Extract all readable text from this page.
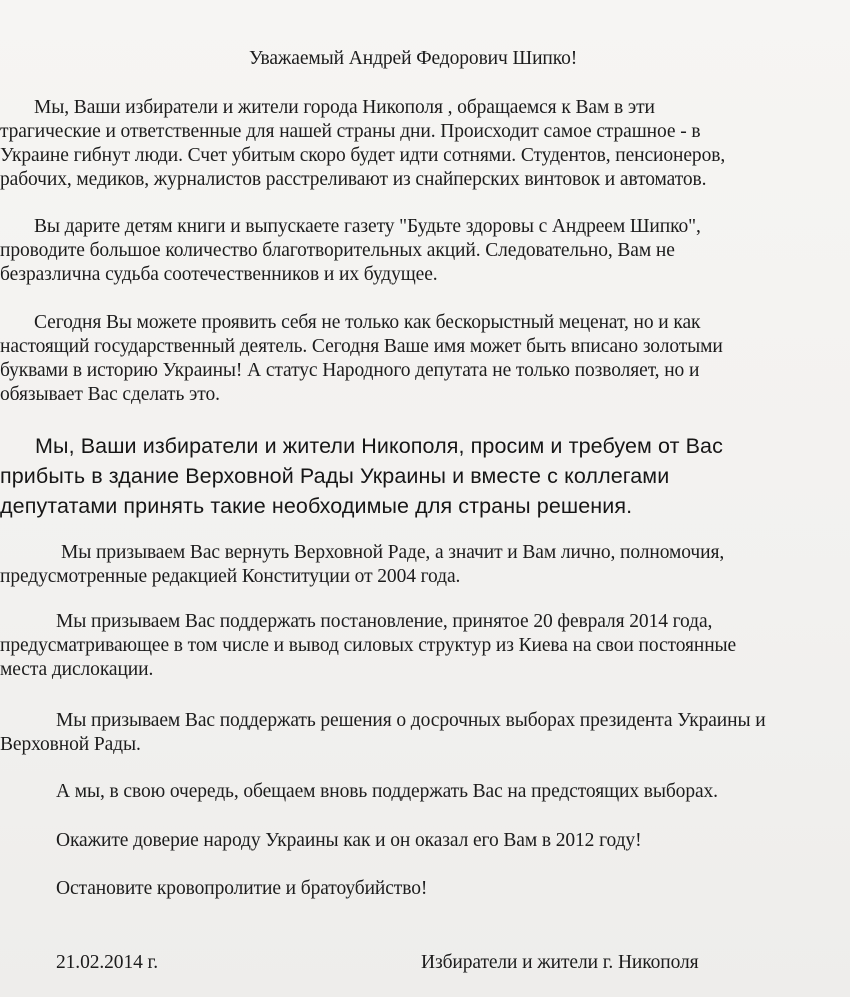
Уважаемый Андрей Федорович Шипко!
Мы, Ваши избиратели и жители города Никополя , обращаемся к Вам в эти
трагические и ответственные для нашей страны дни. Происходит самое страшное - в
Украине гибнут люди. Счет убитым скоро будет идти сотнями. Студентов, пенсионеров,
рабочих, медиков, журналистов расстреливают из снайперских винтовок и автоматов.
Вы дарите детям книги и выпускаете газету "Будьте здоровы с Андреем Шипко",
проводите большое количество благотворительных акций. Следовательно, Вам не
безразлична судьба соотечественников и их будущее.
Сегодня Вы можете проявить себя не только как бескорыстный меценат, но и как
настоящий государственный деятель. Сегодня Ваше имя может быть вписано золотыми
буквами в историю Украины! А статус Народного депутата не только позволяет, но и
обязывает Вас сделать это.
Мы, Ваши избиратели и жители Никополя, просим и требуем от Вас
прибыть в здание Верховной Рады Украины и вместе с коллегами
депутатами принять такие необходимые для страны решения.
Мы призываем Вас вернуть Верховной Раде, а значит и Вам лично, полномочия,
предусмотренные редакцией Конституции от 2004 года.
Мы призываем Вас поддержать постановление, принятое 20 февраля 2014 года,
предусматривающее в том числе и вывод силовых структур из Киева на свои постоянные
места дислокации.
Мы призываем Вас поддержать решения о досрочных выборах президента Украины и
Верховной Рады.
А мы, в свою очередь, обещаем вновь поддержать Вас на предстоящих выборах.
Окажите доверие народу Украины как и он оказал его Вам в 2012 году!
Остановите кровопролитие и братоубийство!
21.02.2014 г.	Избиратели и жители г. Никополя
